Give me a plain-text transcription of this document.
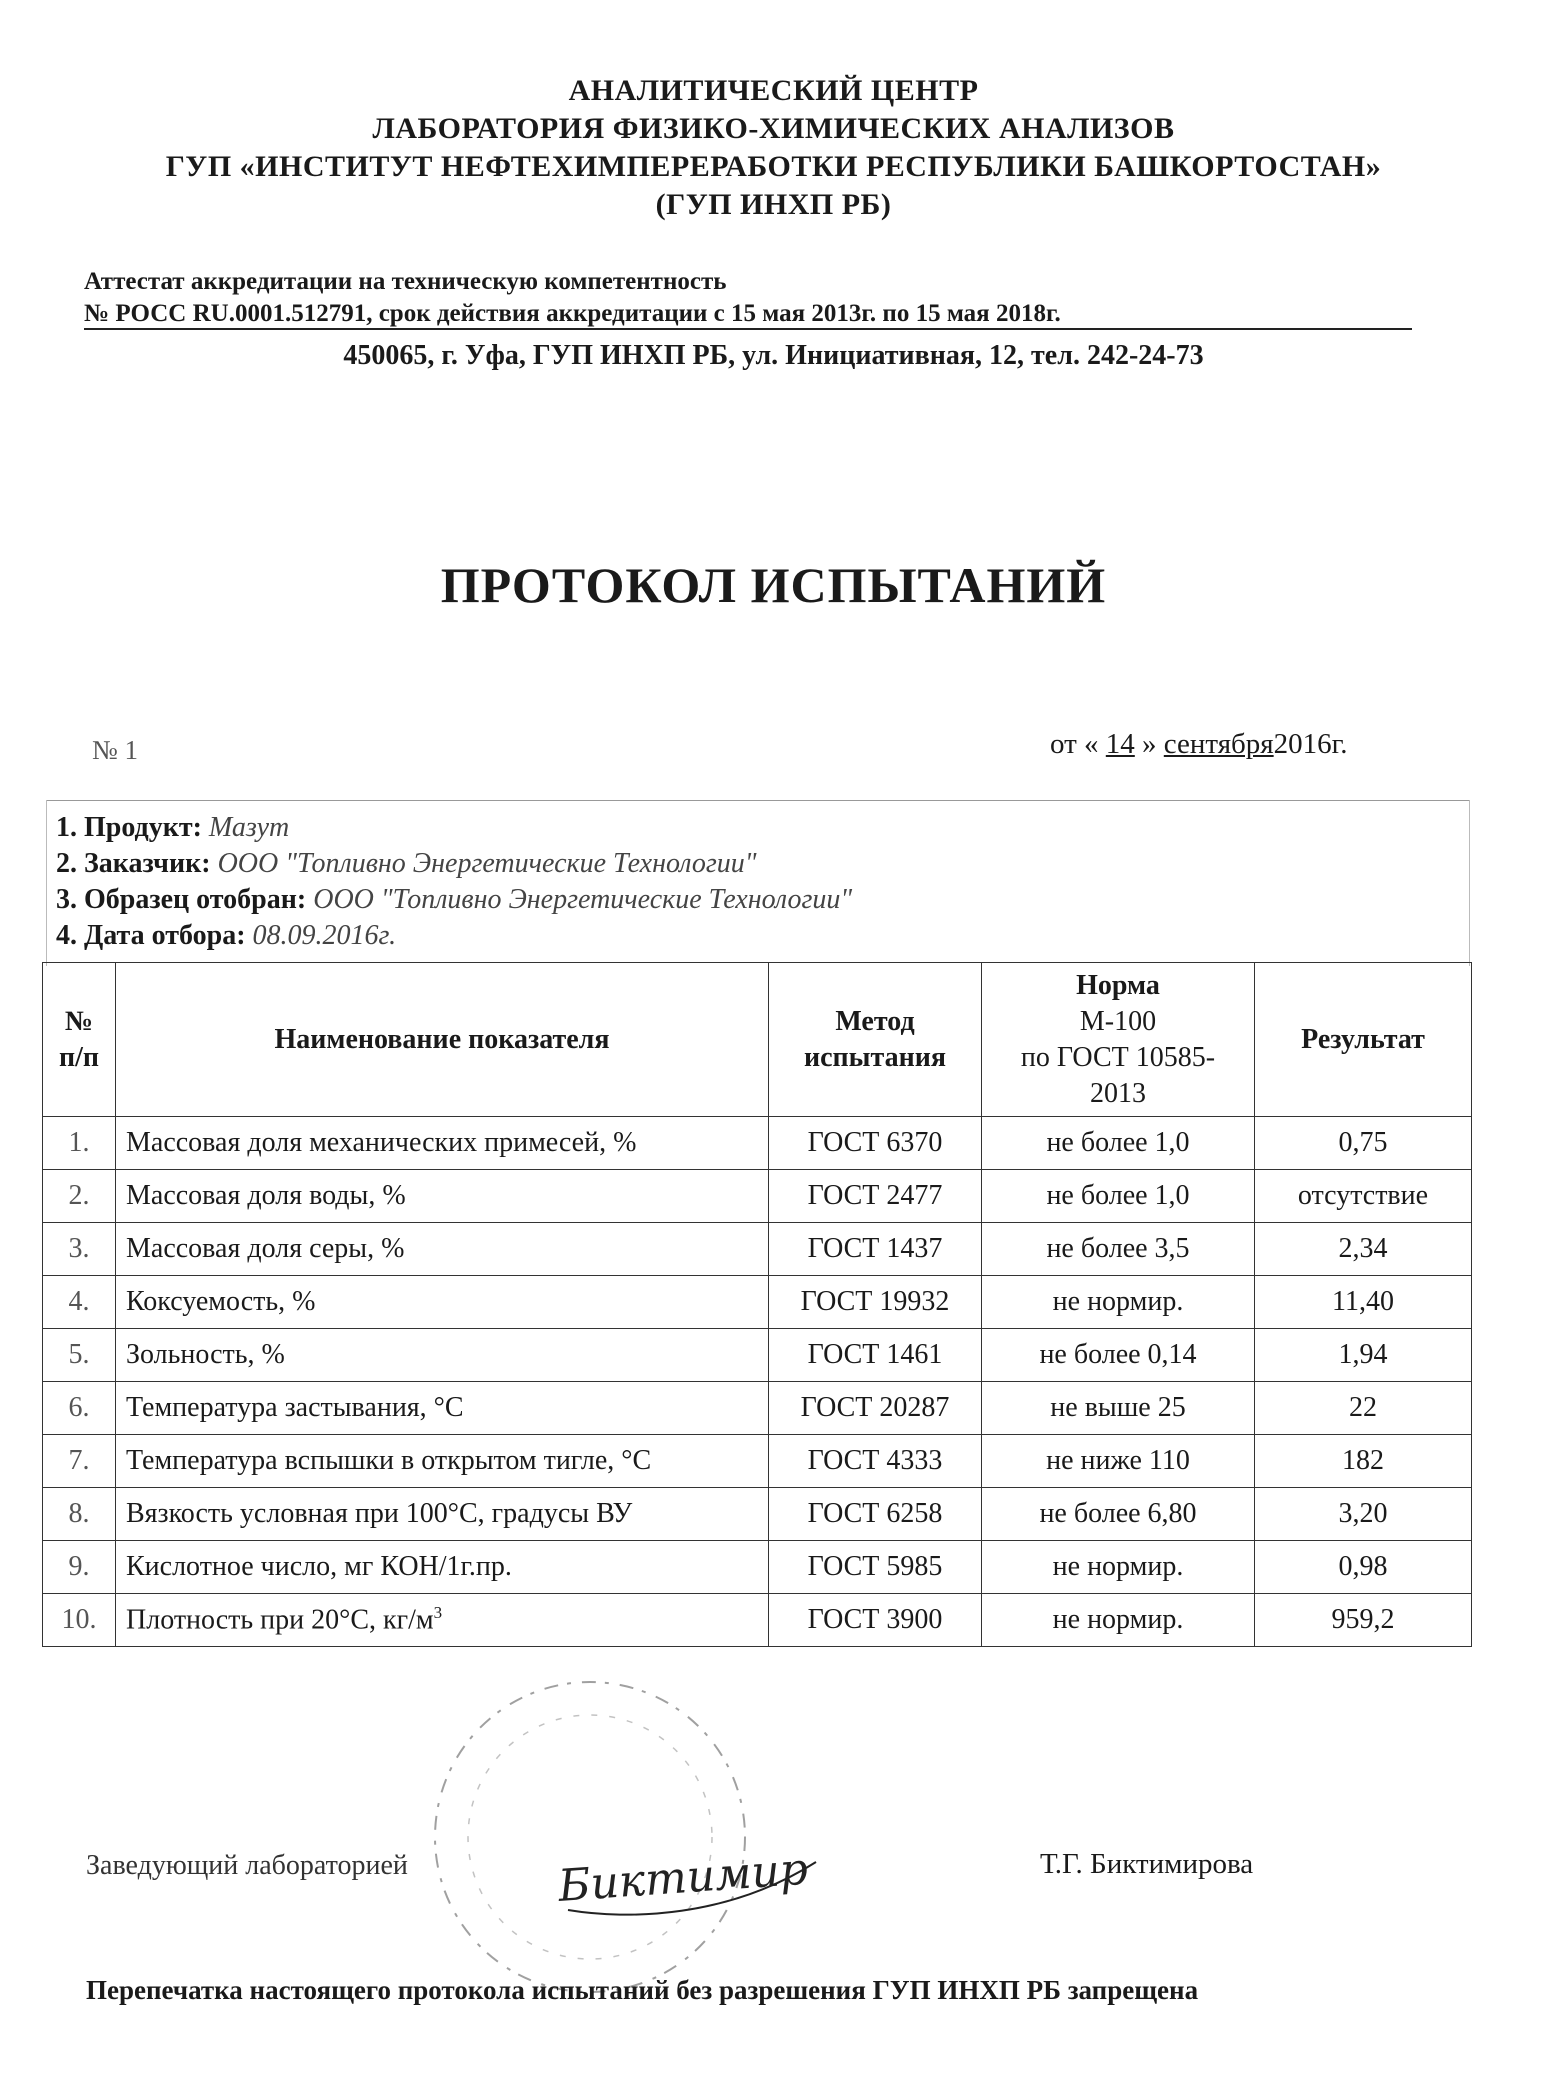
АНАЛИТИЧЕСКИЙ ЦЕНТР
ЛАБОРАТОРИЯ ФИЗИКО-ХИМИЧЕСКИХ АНАЛИЗОВ
ГУП «ИНСТИТУТ НЕФТЕХИМПЕРЕРАБОТКИ РЕСПУБЛИКИ БАШКОРТОСТАН»
(ГУП ИНХП РБ)
Аттестат аккредитации на техническую компетентность
№ РОСС RU.0001.512791, срок действия аккредитации с 15 мая 2013г. по 15 мая 2018г.
450065, г. Уфа, ГУП ИНХП РБ, ул. Инициативная, 12, тел. 242-24-73
ПРОТОКОЛ ИСПЫТАНИЙ
№ 1	от « 14 » сентября2016г.
1. Продукт: Мазут
2. Заказчик: ООО "Топливно Энергетические Технологии"
3. Образец отобран: ООО "Топливно Энергетические Технологии"
4. Дата отбора: 08.09.2016г.
№ п/п	Наименование показателя	Метод испытания	Норма
М-100
по ГОСТ 10585-
2013	Результат
1.	Массовая доля механических примесей, %	ГОСТ 6370	не более 1,0	0,75
2.	Массовая доля воды, %	ГОСТ 2477	не более 1,0	отсутствие
3.	Массовая доля серы, %	ГОСТ 1437	не более 3,5	2,34
4.	Коксуемость, %	ГОСТ 19932	не нормир.	11,40
5.	Зольность, %	ГОСТ 1461	не более 0,14	1,94
6.	Температура застывания, °С	ГОСТ 20287	не выше 25	22
7.	Температура вспышки в открытом тигле, °С	ГОСТ 4333	не ниже 110	182
8.	Вязкость условная при 100°С, градусы ВУ	ГОСТ 6258	не более 6,80	3,20
9.	Кислотное число, мг КОН/1г.пр.	ГОСТ 5985	не нормир.	0,98
10.	Плотность при 20°С, $кг/м^3$	ГОСТ 3900	не нормир.	959,2
Заведующий лабораторией	Биктимир	Т.Г. Биктимирова
Перепечатка настоящего протокола испытаний без разрешения ГУП ИНХП РБ запрещена
